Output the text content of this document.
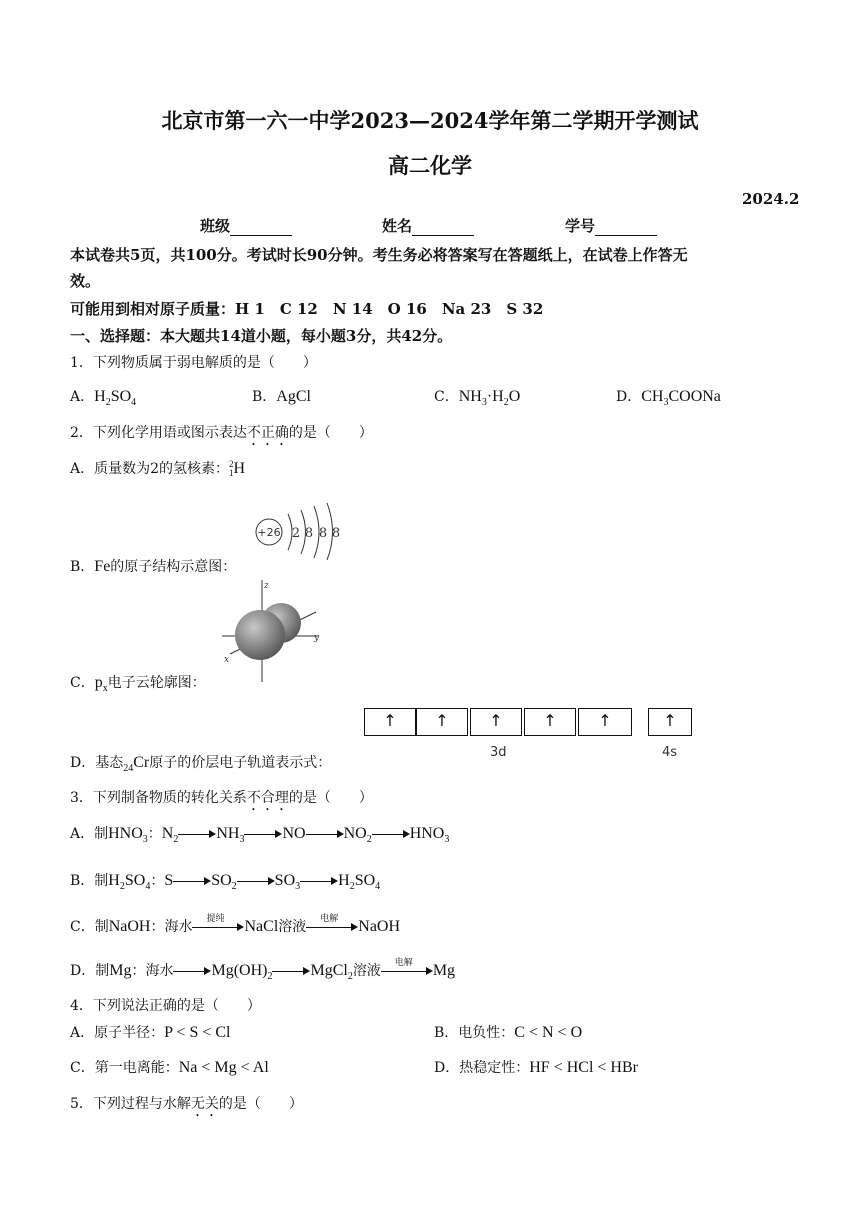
北京市第一六一中学2023—2024学年第二学期开学测试
高二化学
2024.2
班级	姓名	学号
本试卷共5页，共100分。考试时长90分钟。考生务必将答案写在答题纸上，在试卷上作答无
效。
可能用到相对原子质量：H 1　C 12　N 14　O 16　Na 23　S 32
一、选择题：本大题共14道小题，每小题3分，共42分。
1．下列物质属于弱电解质的是（　　）
A．$H_2SO_4$	B．AgCl	C．$NH_3\cdot H_2O$	D．$CH_3COONa$
2．下列化学用语或图示表达不正确的是（　　）
A．质量数为2的氢核素：2
1H
+26 2 8 8 8
B．Fe的原子结构示意图：
z
y
x
C．$p_x$电子云轮廓图：
↑
↑
↑
↑
↑
↑
3d	4s
D．基态$_{24}$Cr原子的价层电子轨道表示式：
3．下列制备物质的转化关系不合理的是（　　）
A．制$HNO_3$：$N_2$ $NH_3$ NO $NO_2$ $HNO_3$
B．制$H_2SO_4$：S $SO_2$ $SO_3$ $H_2SO_4$
C．制NaOH：海水	提纯	NaCl溶液	电解	NaOH
D．制Mg：海水 $Mg(OH)_2$ MgCl$_2$溶液	电解	Mg
4．下列说法正确的是（　　）
A．原子半径：P < S < Cl	B．电负性：C < N < O
C．第一电离能：Na < Mg < Al	D．热稳定性：HF < HCl < HBr
5．下列过程与水解无关的是（　　）
